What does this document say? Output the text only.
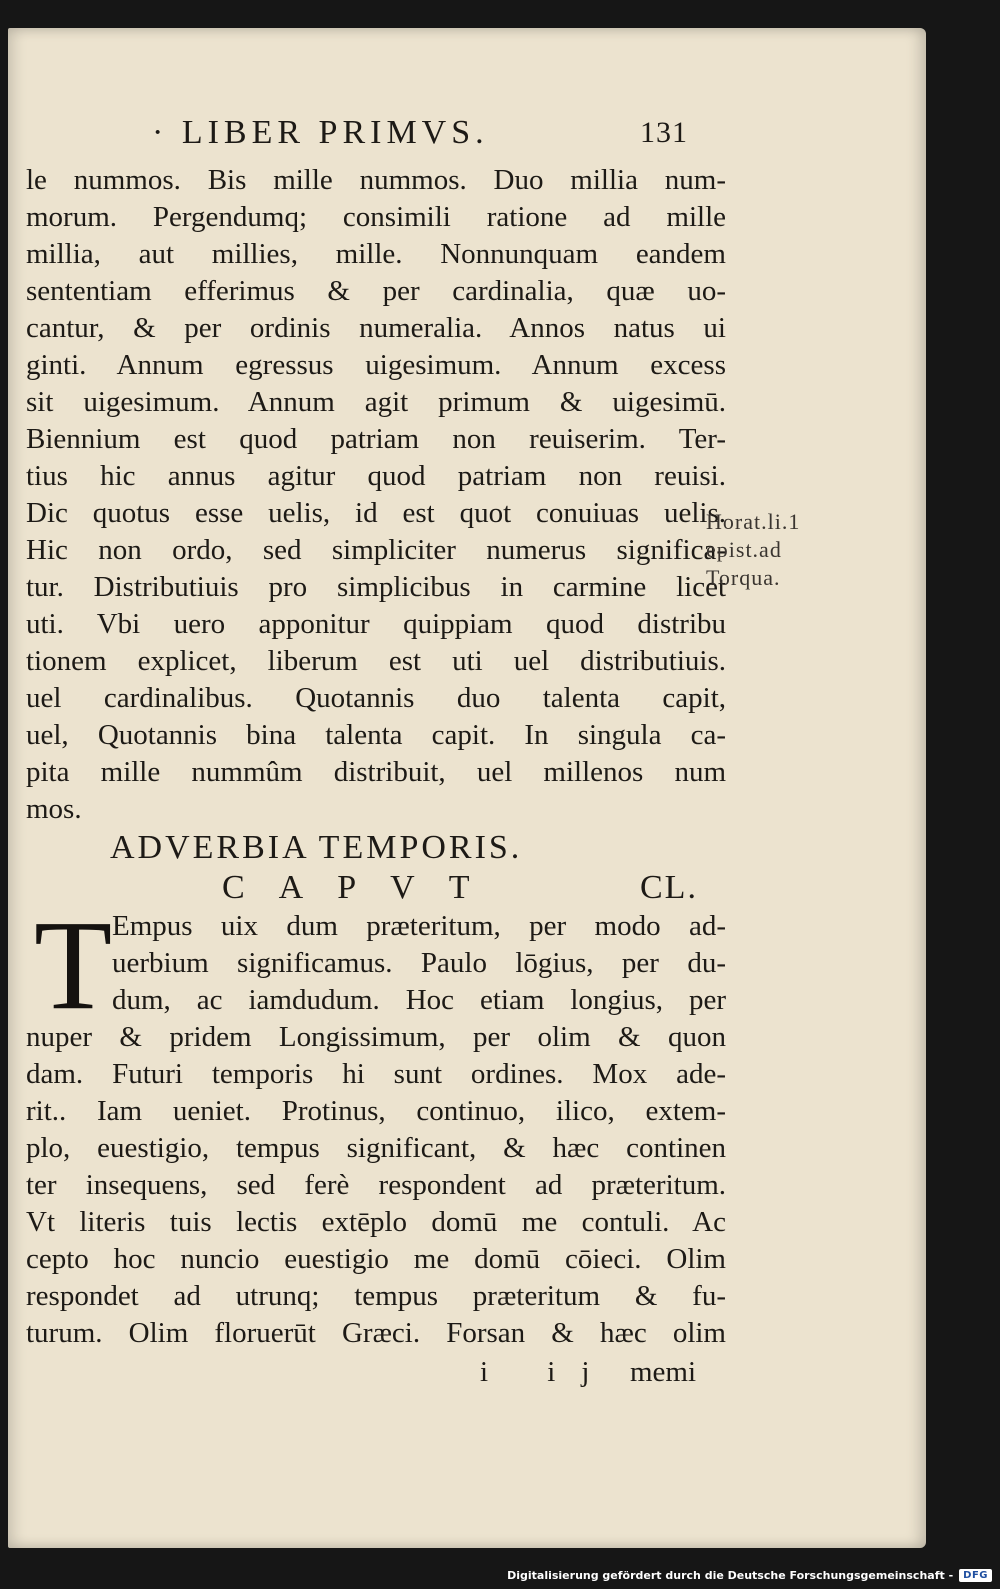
· LIBER PRIMVS.	131
le nummos. Bis mille nummos. Duo millia num-
morum. Pergendumq; consimili ratione ad mille
millia, aut millies, mille. Nonnunquam eandem
sententiam efferimus & per cardinalia, quæ uo-
cantur, & per ordinis numeralia. Annos natus ui
ginti. Annum egressus uigesimum. Annum excess
sit uigesimum. Annum agit primum & uigesimū.
Biennium est quod patriam non reuiserim. Ter-
tius hic annus agitur quod patriam non reuisi.
Dic quotus esse uelis, id est quot conuiuas uelis.
Hic non ordo, sed simpliciter numerus significa-
tur. Distributiuis pro simplicibus in carmine licet
uti. Vbi uero apponitur quippiam quod distribu
tionem explicet, liberum est uti uel distributiuis.
uel cardinalibus. Quotannis duo talenta capit,
uel, Quotannis bina talenta capit. In singula ca-
pita mille nummûm distribuit, uel millenos num
mos.
ADVERBIA TEMPORIS.
CAPVT	CL.
T Empus uix dum præteritum, per modo ad-
uerbium significamus. Paulo lōgius, per du-
dum, ac iamdudum. Hoc etiam longius, per
nuper & pridem Longissimum, per olim & quon
dam. Futuri temporis hi sunt ordines. Mox ade-
rit.. Iam ueniet. Protinus, continuo, ilico, extem-
plo, euestigio, tempus significant, & hæc continen
ter insequens, sed ferè respondent ad præteritum.
Vt literis tuis lectis extēplo domū me contuli. Ac
cepto hoc nuncio euestigio me domū cōieci. Olim
respondet ad utrunq; tempus præteritum & fu-
turum. Olim floruerūt Græci. Forsan & hæc olim
i ij memi
Horat.li.1
epist.ad
Torqua.
Digitalisierung gefördert durch die Deutsche Forschungsgemeinschaft -	DFG
